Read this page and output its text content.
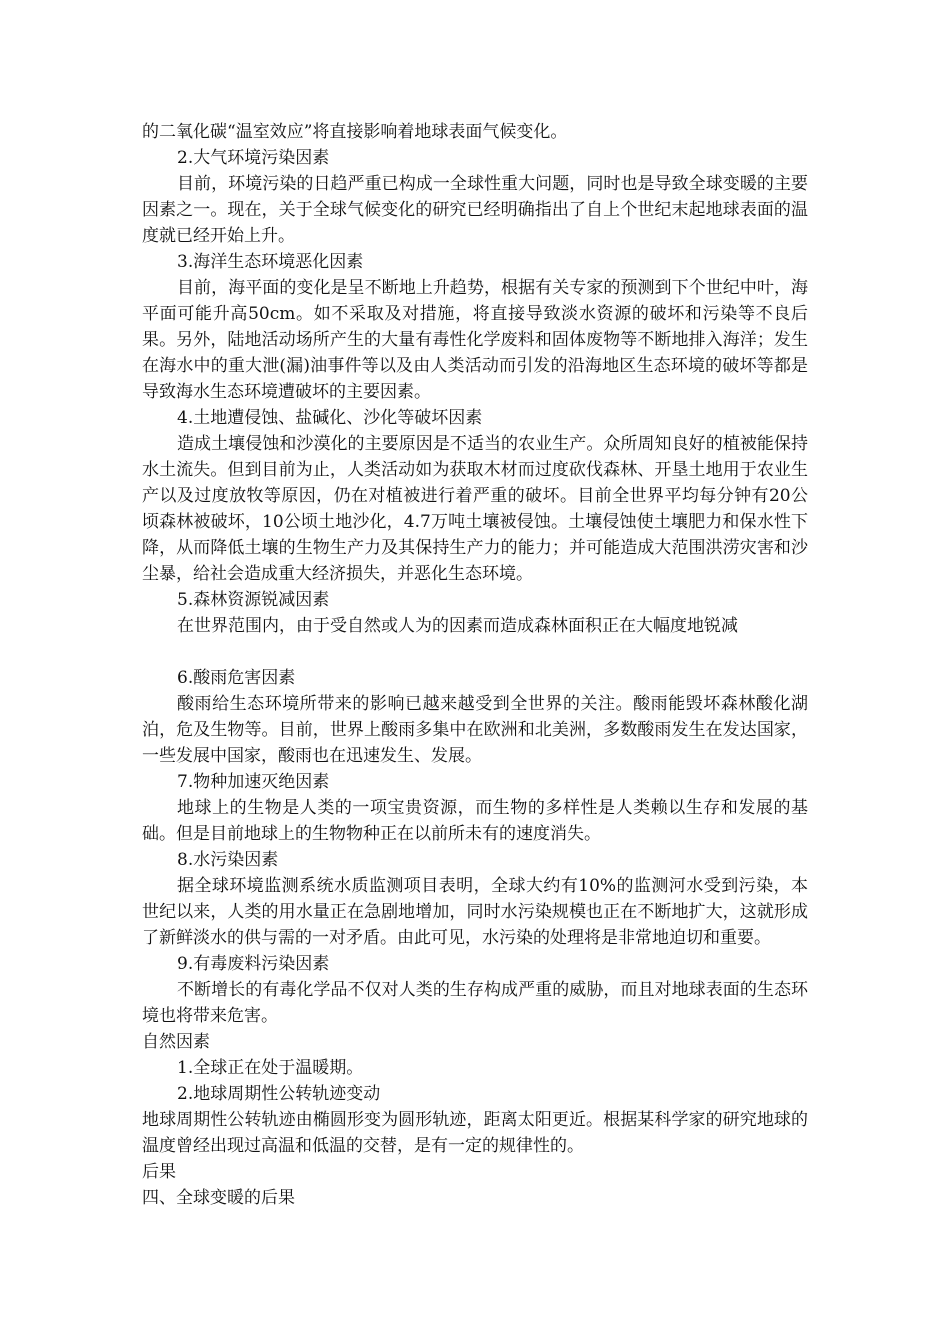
的二氧化碳“温室效应”将直接影响着地球表面气候变化。

2.大气环境污染因素

目前，环境污染的日趋严重已构成一全球性重大问题，同时也是导致全球变暖的主要因素之一。现在，关于全球气候变化的研究已经明确指出了自上个世纪末起地球表面的温度就已经开始上升。

3.海洋生态环境恶化因素

目前，海平面的变化是呈不断地上升趋势，根据有关专家的预测到下个世纪中叶，海平面可能升高50cm。如不采取及对措施，将直接导致淡水资源的破坏和污染等不良后果。另外，陆地活动场所产生的大量有毒性化学废料和固体废物等不断地排入海洋；发生在海水中的重大泄(漏)油事件等以及由人类活动而引发的沿海地区生态环境的破坏等都是导致海水生态环境遭破坏的主要因素。

4.土地遭侵蚀、盐碱化、沙化等破坏因素

造成土壤侵蚀和沙漠化的主要原因是不适当的农业生产。众所周知良好的植被能保持水土流失。但到目前为止，人类活动如为获取木材而过度砍伐森林、开垦土地用于农业生产以及过度放牧等原因，仍在对植被进行着严重的破坏。目前全世界平均每分钟有20公顷森林被破坏，10公顷土地沙化，4.7万吨土壤被侵蚀。土壤侵蚀使土壤肥力和保水性下降，从而降低土壤的生物生产力及其保持生产力的能力；并可能造成大范围洪涝灾害和沙尘暴，给社会造成重大经济损失，并恶化生态环境。

5.森林资源锐减因素

在世界范围内，由于受自然或人为的因素而造成森林面积正在大幅度地锐减

6.酸雨危害因素

酸雨给生态环境所带来的影响已越来越受到全世界的关注。酸雨能毁坏森林酸化湖泊，危及生物等。目前，世界上酸雨多集中在欧洲和北美洲，多数酸雨发生在发达国家，一些发展中国家，酸雨也在迅速发生、发展。

7.物种加速灭绝因素

地球上的生物是人类的一项宝贵资源，而生物的多样性是人类赖以生存和发展的基础。但是目前地球上的生物物种正在以前所未有的速度消失。

8.水污染因素

据全球环境监测系统水质监测项目表明，全球大约有10%的监测河水受到污染，本世纪以来，人类的用水量正在急剧地增加，同时水污染规模也正在不断地扩大，这就形成了新鲜淡水的供与需的一对矛盾。由此可见，水污染的处理将是非常地迫切和重要。

9.有毒废料污染因素

不断增长的有毒化学品不仅对人类的生存构成严重的威胁，而且对地球表面的生态环境也将带来危害。

自然因素

1.全球正在处于温暖期。

2.地球周期性公转轨迹变动

地球周期性公转轨迹由椭圆形变为圆形轨迹，距离太阳更近。根据某科学家的研究地球的温度曾经出现过高温和低温的交替，是有一定的规律性的。

后果

四、全球变暖的后果
